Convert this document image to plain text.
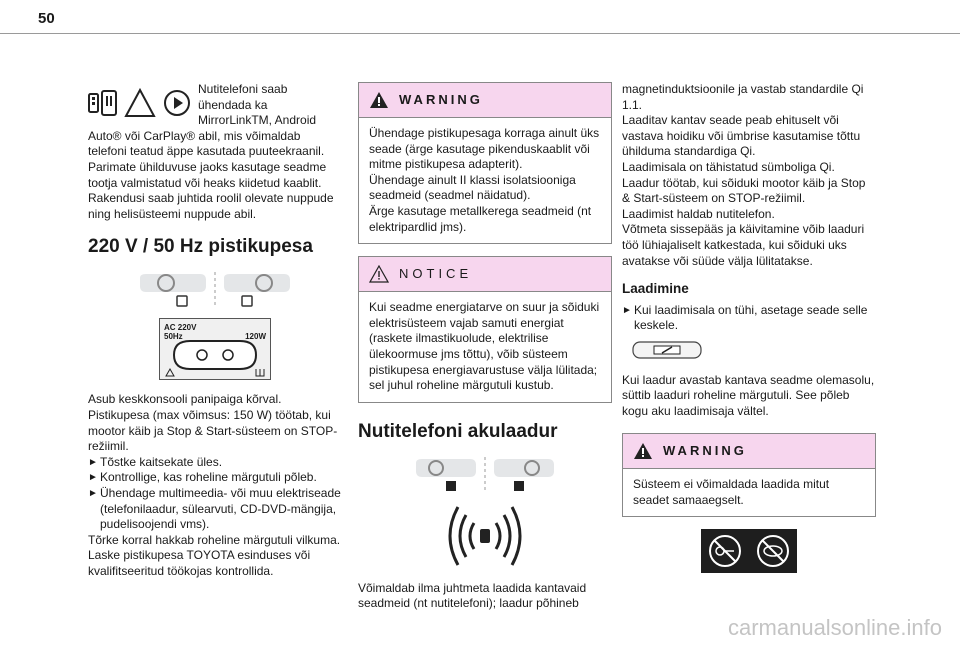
50

Nutitelefoni saab ühendada ka MirrorLinkTM, Android Auto® või CarPlay® abil, mis võimaldab telefoni teatud äppe kasutada puuteekraanil.

Parimate ühilduvuse jaoks kasutage seadme tootja valmistatud või heaks kiidetud kaablit.

Rakendusi saab juhtida roolil olevate nuppude ning helisüsteemi nuppude abil.

220 V / 50 Hz pistikupesa
AC 220V
50Hz	120W

Asub keskkonsooli panipaiga kõrval.

Pistikupesa (max võimsus: 150 W) töötab, kui mootor käib ja Stop & Start-süsteem on STOP-režiimil.

► Tõstke kaitsekate üles.

► Kontrollige, kas roheline märgutuli põleb.

► Ühendage multimeedia- või muu elektriseade (telefonilaadur, sülearvuti, CD-DVD-mängija, pudelisoojendi vms).

Tõrke korral hakkab roheline märgutuli vilkuma.

Laske pistikupesa TOYOTA esinduses või kvalifitseeritud töökojas kontrollida.

WARNING

Ühendage pistikupesaga korraga ainult üks seade (ärge kasutage pikenduskaablit või mitme pistikupesa adapterit).

Ühendage ainult II klassi isolatsiooniga seadmeid (seadmel näidatud).

Ärge kasutage metallkerega seadmeid (nt elektripardlid jms).

NOTICE

Kui seadme energiatarve on suur ja sõiduki elektrisüsteem vajab samuti energiat (raskete ilmastikuolude, elektrilise ülekoormuse jms tõttu), võib süsteem pistikupesa energiavarustuse välja lülitada; sel juhul roheline märgutuli kustub.

Nutitelefoni akulaadur

Võimaldab ilma juhtmeta laadida kantavaid seadmeid (nt nutitelefoni); laadur põhineb

magnetinduktsioonile ja vastab standardile Qi 1.1.

Laaditav kantav seade peab ehituselt või vastava hoidiku või ümbrise kasutamise tõttu ühilduma standardiga Qi.

Laadimisala on tähistatud sümboliga Qi.

Laadur töötab, kui sõiduki mootor käib ja Stop & Start-süsteem on STOP-režiimil.

Laadimist haldab nutitelefon.

Võtmeta sissepääs ja käivitamine võib laaduri töö lühiajaliselt katkestada, kui sõiduki uks avatakse või süüde välja lülitatakse.

Laadimine

► Kui laadimisala on tühi, asetage seade selle keskele.

Kui laadur avastab kantava seadme olemasolu, süttib laaduri roheline märgutuli. See põleb kogu aku laadimisaja vältel.

WARNING

Süsteem ei võimaldada laadida mitut seadet samaaegselt.

carmanualsonline.info
